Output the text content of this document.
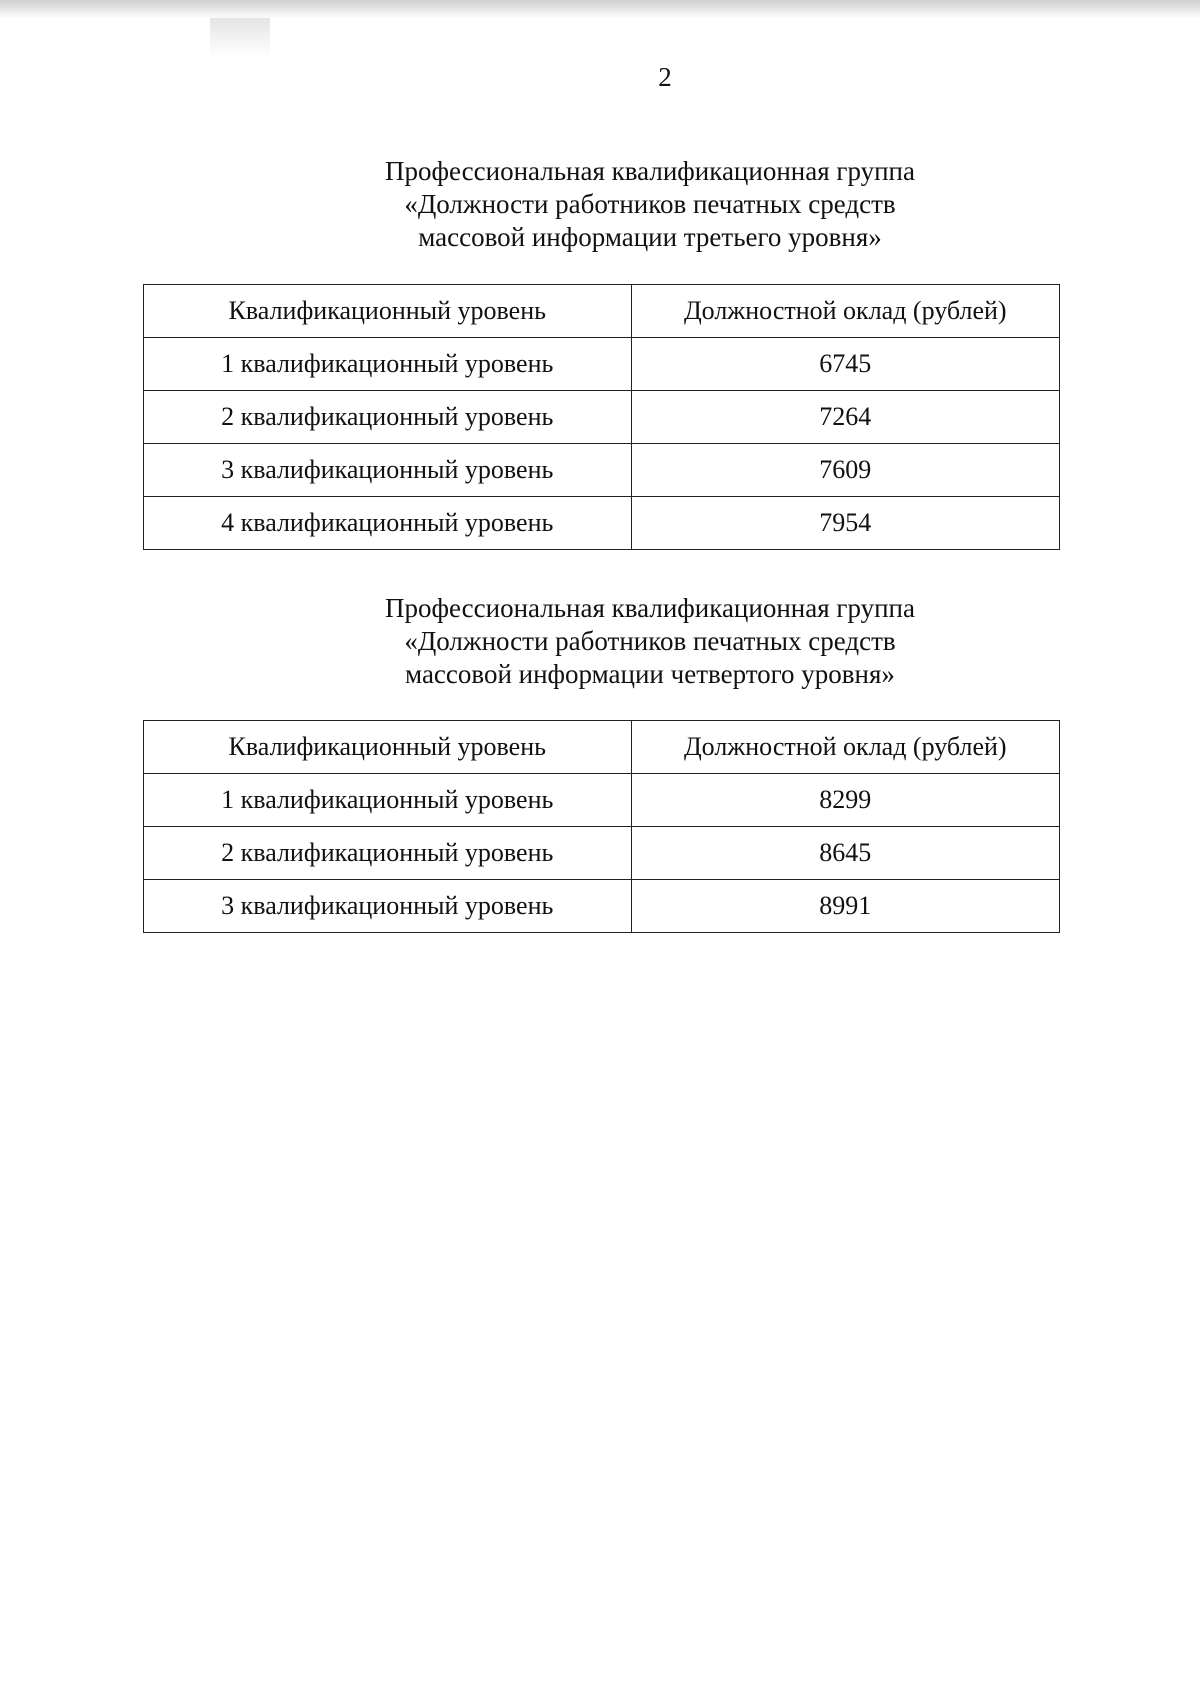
2
Профессиональная квалификационная группа
«Должности работников печатных средств
массовой информации третьего уровня»
Квалификационный уровень	Должностной оклад (рублей)
1 квалификационный уровень	6745
2 квалификационный уровень	7264
3 квалификационный уровень	7609
4 квалификационный уровень	7954
Профессиональная квалификационная группа
«Должности работников печатных средств
массовой информации четвертого уровня»
Квалификационный уровень	Должностной оклад (рублей)
1 квалификационный уровень	8299
2 квалификационный уровень	8645
3 квалификационный уровень	8991
